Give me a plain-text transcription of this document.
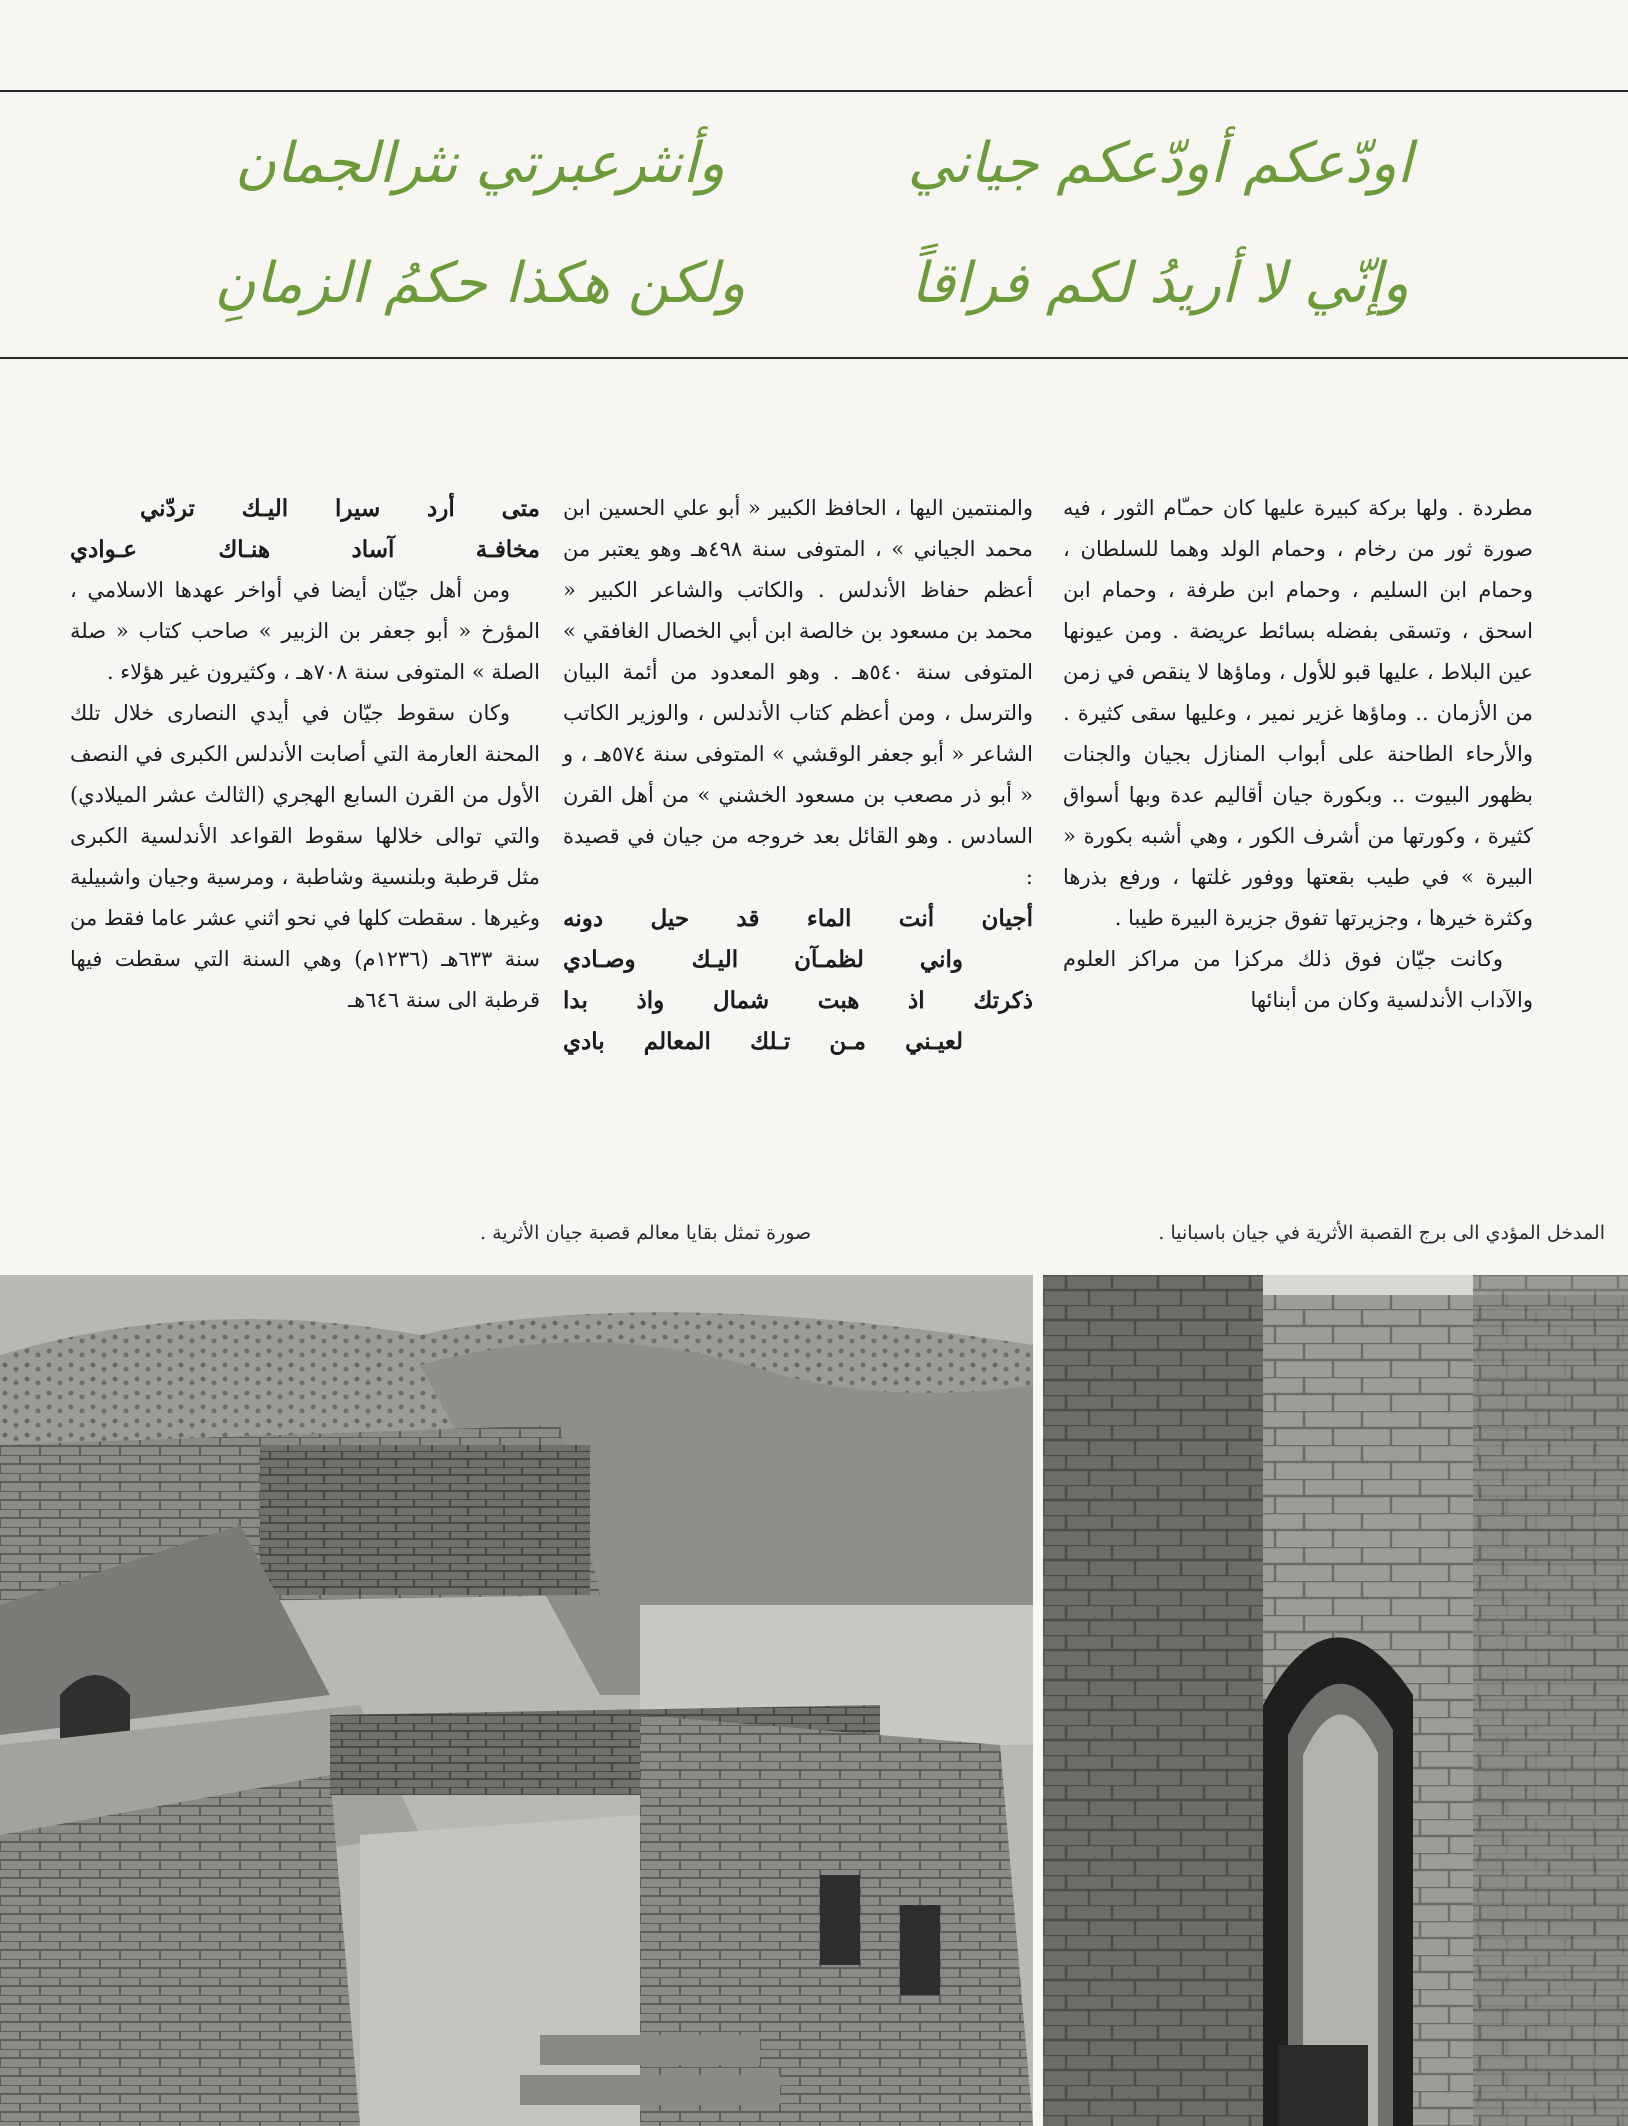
اودّعكم أودّعكم جياني
وأنثرعبرتي نثرالجمان
وإنّي لا أريدُ لكم فراقاً
ولكن هكذا حكمُ الزمانِ

مطردة . ولها بركة كبيرة عليها كان حمـّام الثور ، فيه صورة ثور من رخام ، وحمام الولد وهما للسلطان ، وحمام ابن السليم ، وحمام ابن طرفة ، وحمام ابن اسحق ، وتسقى بفضله بسائط عريضة . ومن عيونها عين البلاط ، عليها قبو للأول ، وماؤها لا ينقص في زمن من الأزمان .. وماؤها غزير نمير ، وعليها سقى كثيرة . والأرحاء الطاحنة على أبواب المنازل بجيان والجنات بظهور البيوت .. وبكورة جيان أقاليم عدة وبها أسواق كثيرة ، وكورتها من أشرف الكور ، وهي أشبه بكورة « البيرة » في طيب بقعتها ووفور غلتها ، ورفع بذرها وكثرة خيرها ، وجزيرتها تفوق جزيرة البيرة طيبا .

وكانت جيّان فوق ذلك مركزا من مراكز العلوم والآداب الأندلسية وكان من أبنائها

والمنتمين اليها ، الحافظ الكبير « أبو علي الحسين ابن محمد الجياني » ، المتوفى سنة ٤٩٨هـ وهو يعتبر من أعظم حفاظ الأندلس . والكاتب والشاعر الكبير « محمد بن مسعود بن خالصة ابن أبي الخصال الغافقي » المتوفى سنة ٥٤٠هـ . وهو المعدود من أئمة البيان والترسل ، ومن أعظم كتاب الأندلس ، والوزير الكاتب الشاعر « أبو جعفر الوقشي » المتوفى سنة ٥٧٤هـ ، و « أبو ذر مصعب بن مسعود الخشني » من أهل القرن السادس . وهو القائل بعد خروجه من جيان في قصيدة :

أجيان أنت الماء قد حيل دونه
واني لظمـآن اليـك وصـادي
ذكرتك اذ هبت شمال واذ بدا
لعيـني مـن تـلك المعالم بادي
متى أرد سيرا اليـك تردّني
مخافـة آساد هنـاك عـوادي

ومن أهل جيّان أيضا في أواخر عهدها الاسلامي ، المؤرخ « أبو جعفر بن الزبير » صاحب كتاب « صلة الصلة » المتوفى سنة ٧٠٨هـ ، وكثيرون غير هؤلاء .

وكان سقوط جيّان في أيدي النصارى خلال تلك المحنة العارمة التي أصابت الأندلس الكبرى في النصف الأول من القرن السابع الهجري (الثالث عشر الميلادي) والتي توالى خلالها سقوط القواعد الأندلسية الكبرى مثل قرطبة وبلنسية وشاطبة ، ومرسية وجيان واشبيلية وغيرها . سقطت كلها في نحو اثني عشر عاما فقط من سنة ٦٣٣هـ (١٢٣٦م) وهي السنة التي سقطت فيها قرطبة الى سنة ٦٤٦هـ

المدخل المؤدي الى برج القصبة الأثرية في جيان باسبانيا .
صورة تمثل بقايا معالم قصبة جيان الأثرية .
